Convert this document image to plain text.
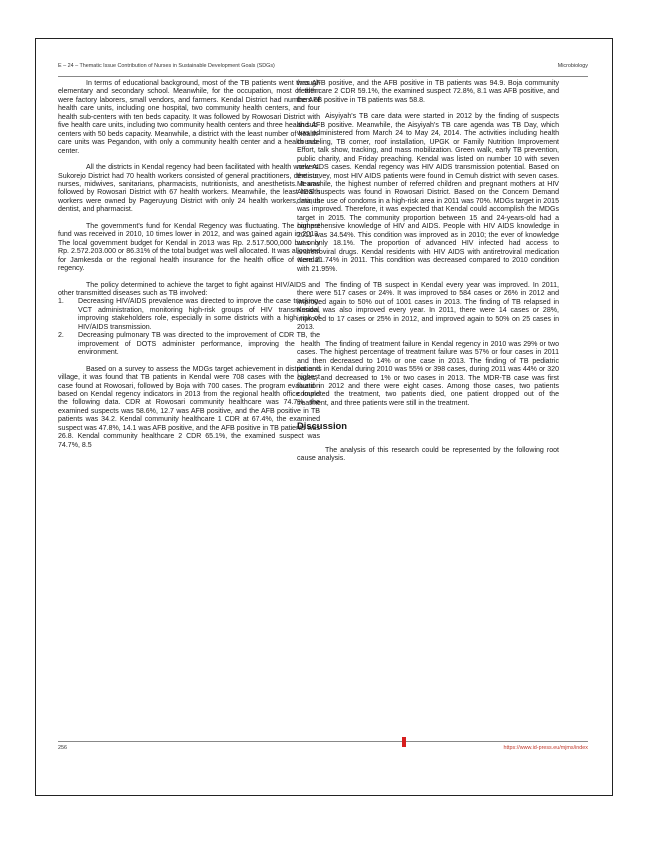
E – 24 – Thematic Issue Contribution of Nurses in Sustainable Development Goals (SDGs)	Microbiology

In terms of educational background, most of the TB patients went through elementary and secondary school. Meanwhile, for the occupation, most of them were factory laborers, small vendors, and farmers. Kendal District had numbers of health care units, including one hospital, two community health centers, and four health sub-centers with ten beds capacity. It was followed by Rowosari District with five health care units, including two community health centers and three health sub-centers with 50 beds capacity. Meanwhile, a district with the least number of health-care units was Pegandon, with only a community health center and a health sub-center.

All the districts in Kendal regency had been facilitated with health workers. Sukorejo District had 70 health workers consisted of general practitioners, dentists, nurses, midwives, sanitarians, pharmacists, nutritionists, and anesthetists. It was followed by Rowosari District with 67 health workers. Meanwhile, the least health workers were owned by Pageruyung District with only 24 health workers, minus dentist, and pharmacist.

The government's fund for Kendal Regency was fluctuating. The highest fund was received in 2010, 10 times lower in 2012, and was gained again in 2013. The local government budget for Kendal in 2013 was Rp. 2.517.500,000 but only Rp. 2.572.203.000 or 86.31% of the total budget was well allocated. It was allocated for Jamkesda or the regional health insurance for the health office of Kendal regency.

The policy determined to achieve the target to fight against HIV/AIDS and other transmitted diseases such as TB involved:

1.	Decreasing HIV/AIDS prevalence was directed to improve the case tracking, VCT administration, monitoring high-risk groups of HIV transmission, improving stakeholders role, especially in some districts with a high risk of HIV/AIDS transmission.
2.	Decreasing pulmonary TB was directed to the improvement of CDR TB, the improvement of DOTS administer performance, improving the health environment.

Based on a survey to assess the MDGs target achievement in district and village, it was found that TB patients in Kendal were 708 cases with the highest case found at Rowosari, followed by Boja with 700 cases. The program evaluation based on Kendal regency indicators in 2013 from the regional health office found the following data. CDR at Rowosari community healthcare was 74.7%, the examined suspects was 58.6%, 12.7 was AFB positive, and the AFB positive in TB patients was 34.2. Kendal community healthcare 1 CDR at 67.4%, the examined suspect was 47.8%, 14.1 was AFB positive, and the AFB positive in TB patients was 26.8. Kendal community healthcare 2 CDR 65.1%, the examined suspect was 74.7%, 8.5

was AFB positive, and the AFB positive in TB patients was 94.9. Boja community health care 2 CDR 59.1%, the examined suspect 72.8%, 8.1 was AFB positive, and the AFB positive in TB patients was 58.8.

Aisyiyah's TB care data were started in 2012 by the finding of suspects and AFB positive. Meanwhile, the Aisyiyah's TB care agenda was TB Day, which was administered from March 24 to May 24, 2014. The activities including health counseling, TB corner, roof installation, UPGK or Family Nutrition Improvement Effort, talk show, tracking, and mass mobilization. Green walk, early TB prevention, public charity, and Friday preaching. Kendal was listed on number 10 with seven new AIDS cases. Kendal regency was HIV AIDS transmission potential. Based on the survey, most HIV AIDS patients were found in Cemuh district with seven cases. Meanwhile, the highest number of referred children and pregnant mothers at HIV AIDS suspects was found in Rowosari District. Based on the Concern Demand data, the use of condoms in a high-risk area in 2011 was 70%. MDGs target in 2015 was improved. Therefore, it was expected that Kendal could accomplish the MDGs target in 2015. The community proportion between 15 and 24-years-old had a comprehensive knowledge of HIV and AIDS. People with HIV AIDS knowledge in 2011 was 34.54%. This condition was improved as in 2010; the ever of knowledge was only 18.1%. The proportion of advanced HIV infected had access to antiretroviral drugs. Kendal residents with HIV AIDS with antiretroviral medication were 21.74% in 2011. This condition was decreased compared to 2010 condition with 21.95%.

The finding of TB suspect in Kendal every year was improved. In 2011, there were 517 cases or 24%. It was improved to 584 cases or 26% in 2012 and improved again to 50% out of 1001 cases in 2013. The finding of TB relapsed in Kendal was also improved every year. In 2011, there were 14 cases or 28%, improved to 17 cases or 25% in 2012, and improved again to 50% on 25 cases in 2013.

The finding of treatment failure in Kendal regency in 2010 was 29% or two cases. The highest percentage of treatment failure was 57% or four cases in 2011 and then decreased to 14% or one case in 2013. The finding of TB pediatric patients in Kendal during 2010 was 55% or 398 cases, during 2011 was 44% or 320 cases, and decreased to 1% or two cases in 2013. The MDR-TB case was first found in 2012 and there were eight cases. Among those cases, two patients completed the treatment, two patients died, one patient dropped out of the treatment, and three patients were still in the treatment.

Discussion

The analysis of this research could be represented by the following root cause analysis.

256	https://www.id-press.eu/mjms/index
